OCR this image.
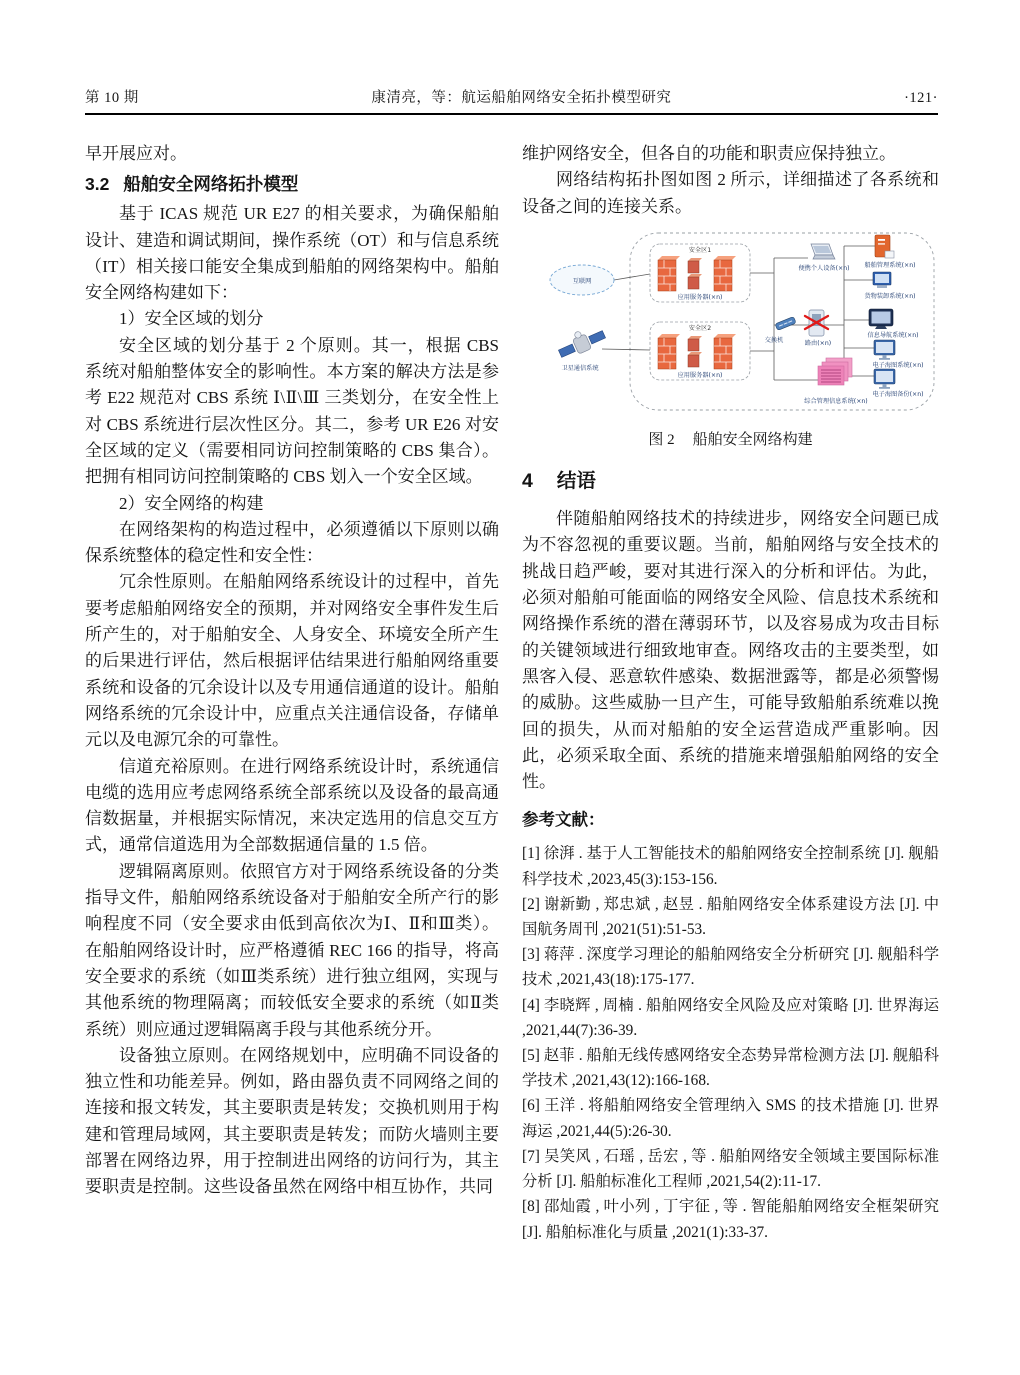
第 10 期	康清亮，等：航运船舶网络安全拓扑模型研究	·121·

早开展应对。

3.2 船舶安全网络拓扑模型

基于 ICAS 规范 UR E27 的相关要求，为确保船舶设计、建造和调试期间，操作系统（OT）和与信息系统（IT）相关接口能安全集成到船舶的网络架构中。船舶安全网络构建如下：

1）安全区域的划分

安全区域的划分基于 2 个原则。其一，根据 CBS 系统对船舶整体安全的影响性。本方案的解决方法是参考 E22 规范对 CBS 系统 Ⅰ\Ⅱ\Ⅲ 三类划分，在安全性上对 CBS 系统进行层次性区分。其二，参考 UR E26 对安全区域的定义（需要相同访问控制策略的 CBS 集合）。把拥有相同访问控制策略的 CBS 划入一个安全区域。

2）安全网络的构建

在网络架构的构造过程中，必须遵循以下原则以确保系统整体的稳定性和安全性：

冗余性原则。在船舶网络系统设计的过程中，首先要考虑船舶网络安全的预期，并对网络安全事件发生后所产生的，对于船舶安全、人身安全、环境安全所产生的后果进行评估，然后根据评估结果进行船舶网络重要系统和设备的冗余设计以及专用通信通道的设计。船舶网络系统的冗余设计中，应重点关注通信设备，存储单元以及电源冗余的可靠性。

信道充裕原则。在进行网络系统设计时，系统通信电缆的选用应考虑网络系统全部系统以及设备的最高通信数据量，并根据实际情况，来决定选用的信息交互方式，通常信道选用为全部数据通信量的 1.5 倍。

逻辑隔离原则。依照官方对于网络系统设备的分类指导文件，船舶网络系统设备对于船舶安全所产行的影响程度不同（安全要求由低到高依次为Ⅰ、Ⅱ和Ⅲ类）。在船舶网络设计时，应严格遵循 REC 166 的指导，将高安全要求的系统（如Ⅲ类系统）进行独立组网，实现与其他系统的物理隔离；而较低安全要求的系统（如Ⅱ类系统）则应通过逻辑隔离手段与其他系统分开。

设备独立原则。在网络规划中，应明确不同设备的独立性和功能差异。例如，路由器负责不同网络之间的连接和报文转发，其主要职责是转发；交换机则用于构建和管理局域网，其主要职责是转发；而防火墙则主要部署在网络边界，用于控制进出网络的访问行为，其主要职责是控制。这些设备虽然在网络中相互协作，共同

维护网络安全，但各自的功能和职责应保持独立。

网络结构拓扑图如图 2 所示，详细描述了各系统和设备之间的连接关系。

互联网
卫星通信系统
安全区1
应用服务器(×n)
安全区2
应用服务器(×n)
便携个人设备(×n)
交换机	路由(×n)
船舶管理系统(×n)
货物装卸系统(×n)
信息导航系统(×n)
电子海图系统(×n)
电子海图备份(×n)
综合管理信息系统(×n)
图 2 船舶安全网络构建
4 结语

伴随船舶网络技术的持续进步，网络安全问题已成为不容忽视的重要议题。当前，船舶网络与安全技术的挑战日趋严峻，要对其进行深入的分析和评估。为此，必须对船舶可能面临的网络安全风险、信息技术系统和网络操作系统的潜在薄弱环节，以及容易成为攻击目标的关键领域进行细致地审查。网络攻击的主要类型，如黑客入侵、恶意软件感染、数据泄露等，都是必须警惕的威胁。这些威胁一旦产生，可能导致船舶系统难以挽回的损失，从而对船舶的安全运营造成严重影响。因此，必须采取全面、系统的措施来增强船舶网络的安全性。

参考文献：

[1] 徐湃 . 基于人工智能技术的船舶网络安全控制系统 [J]. 舰船科学技术 ,2023,45(3):153-156.

[2] 谢新勤 , 郑忠斌 , 赵昱 . 船舶网络安全体系建设方法 [J]. 中国航务周刊 ,2021(51):51-53.

[3] 蒋萍 . 深度学习理论的船舶网络安全分析研究 [J]. 舰船科学技术 ,2021,43(18):175-177.

[4] 李晓辉 , 周楠 . 船舶网络安全风险及应对策略 [J]. 世界海运 ,2021,44(7):36-39.

[5] 赵菲 . 船舶无线传感网络安全态势异常检测方法 [J]. 舰船科学技术 ,2021,43(12):166-168.

[6] 王洋 . 将船舶网络安全管理纳入 SMS 的技术措施 [J]. 世界海运 ,2021,44(5):26-30.

[7] 吴笑风 , 石瑶 , 岳宏 , 等 . 船舶网络安全领域主要国际标准分析 [J]. 船舶标准化工程师 ,2021,54(2):11-17.

[8] 邵灿霞 , 叶小列 , 丁宇征 , 等 . 智能船舶网络安全框架研究 [J]. 船舶标准化与质量 ,2021(1):33-37.
